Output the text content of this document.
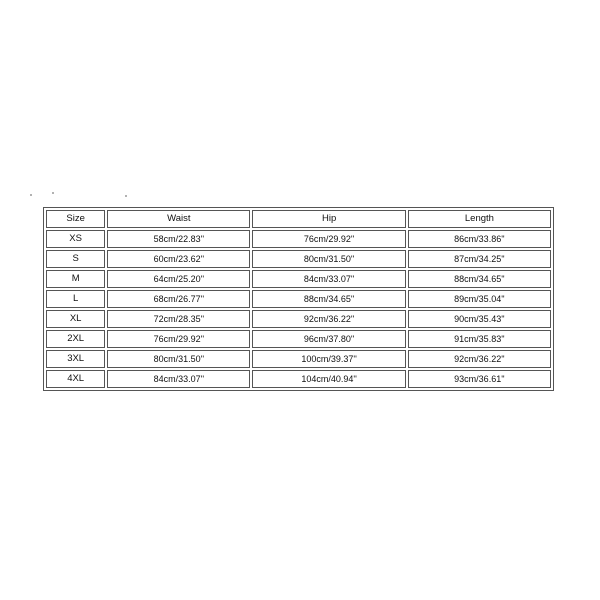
Size	Waist	Hip	Length
XS	58cm/22.83''	76cm/29.92''	86cm/33.86''
S	60cm/23.62''	80cm/31.50''	87cm/34.25''
M	64cm/25.20''	84cm/33.07''	88cm/34.65''
L	68cm/26.77''	88cm/34.65''	89cm/35.04''
XL	72cm/28.35''	92cm/36.22''	90cm/35.43''
2XL	76cm/29.92''	96cm/37.80''	91cm/35.83''
3XL	80cm/31.50''	100cm/39.37''	92cm/36.22''
4XL	84cm/33.07''	104cm/40.94''	93cm/36.61''
